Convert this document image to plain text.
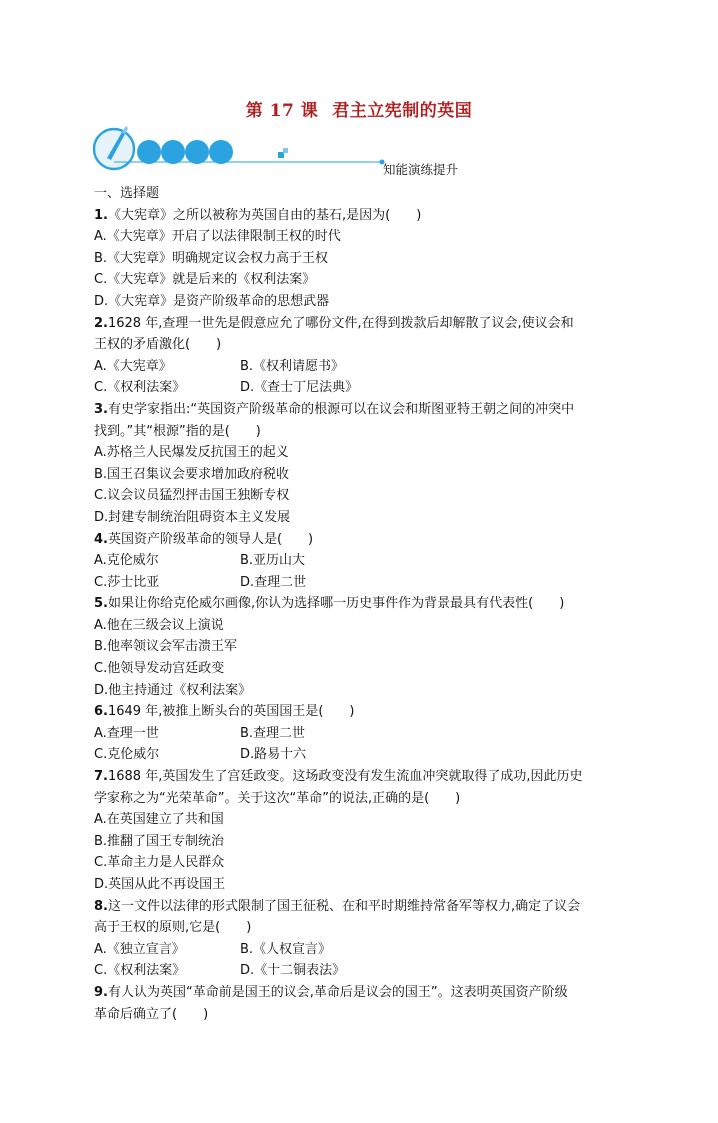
第 17 课 君主立宪制的英国
知能演练提升
一、选择题
1.《大宪章》之所以被称为英国自由的基石,是因为(　　)
A.《大宪章》开启了以法律限制王权的时代
B.《大宪章》明确规定议会权力高于王权
C.《大宪章》就是后来的《权利法案》
D.《大宪章》是资产阶级革命的思想武器
2.1628 年,查理一世先是假意应允了哪份文件,在得到拨款后却解散了议会,使议会和
王权的矛盾激化(　　)
A.《大宪章》	B.《权利请愿书》
C.《权利法案》	D.《查士丁尼法典》
3.有史学家指出:“英国资产阶级革命的根源可以在议会和斯图亚特王朝之间的冲突中
找到。”其“根源”指的是(　　)
A.苏格兰人民爆发反抗国王的起义
B.国王召集议会要求增加政府税收
C.议会议员猛烈抨击国王独断专权
D.封建专制统治阻碍资本主义发展
4.英国资产阶级革命的领导人是(　　)
A.克伦威尔	B.亚历山大
C.莎士比亚	D.查理二世
5.如果让你给克伦威尔画像,你认为选择哪一历史事件作为背景最具有代表性(　　)
A.他在三级会议上演说
B.他率领议会军击溃王军
C.他领导发动宫廷政变
D.他主持通过《权利法案》
6.1649 年,被推上断头台的英国国王是(　　)
A.查理一世	B.查理二世
C.克伦威尔	D.路易十六
7.1688 年,英国发生了宫廷政变。这场政变没有发生流血冲突就取得了成功,因此历史
学家称之为“光荣革命”。关于这次“革命”的说法,正确的是(　　)
A.在英国建立了共和国
B.推翻了国王专制统治
C.革命主力是人民群众
D.英国从此不再设国王
8.这一文件以法律的形式限制了国王征税、在和平时期维持常备军等权力,确定了议会
高于王权的原则,它是(　　)
A.《独立宣言》	B.《人权宣言》
C.《权利法案》	D.《十二铜表法》
9.有人认为英国“革命前是国王的议会,革命后是议会的国王”。这表明英国资产阶级
革命后确立了(　　)
